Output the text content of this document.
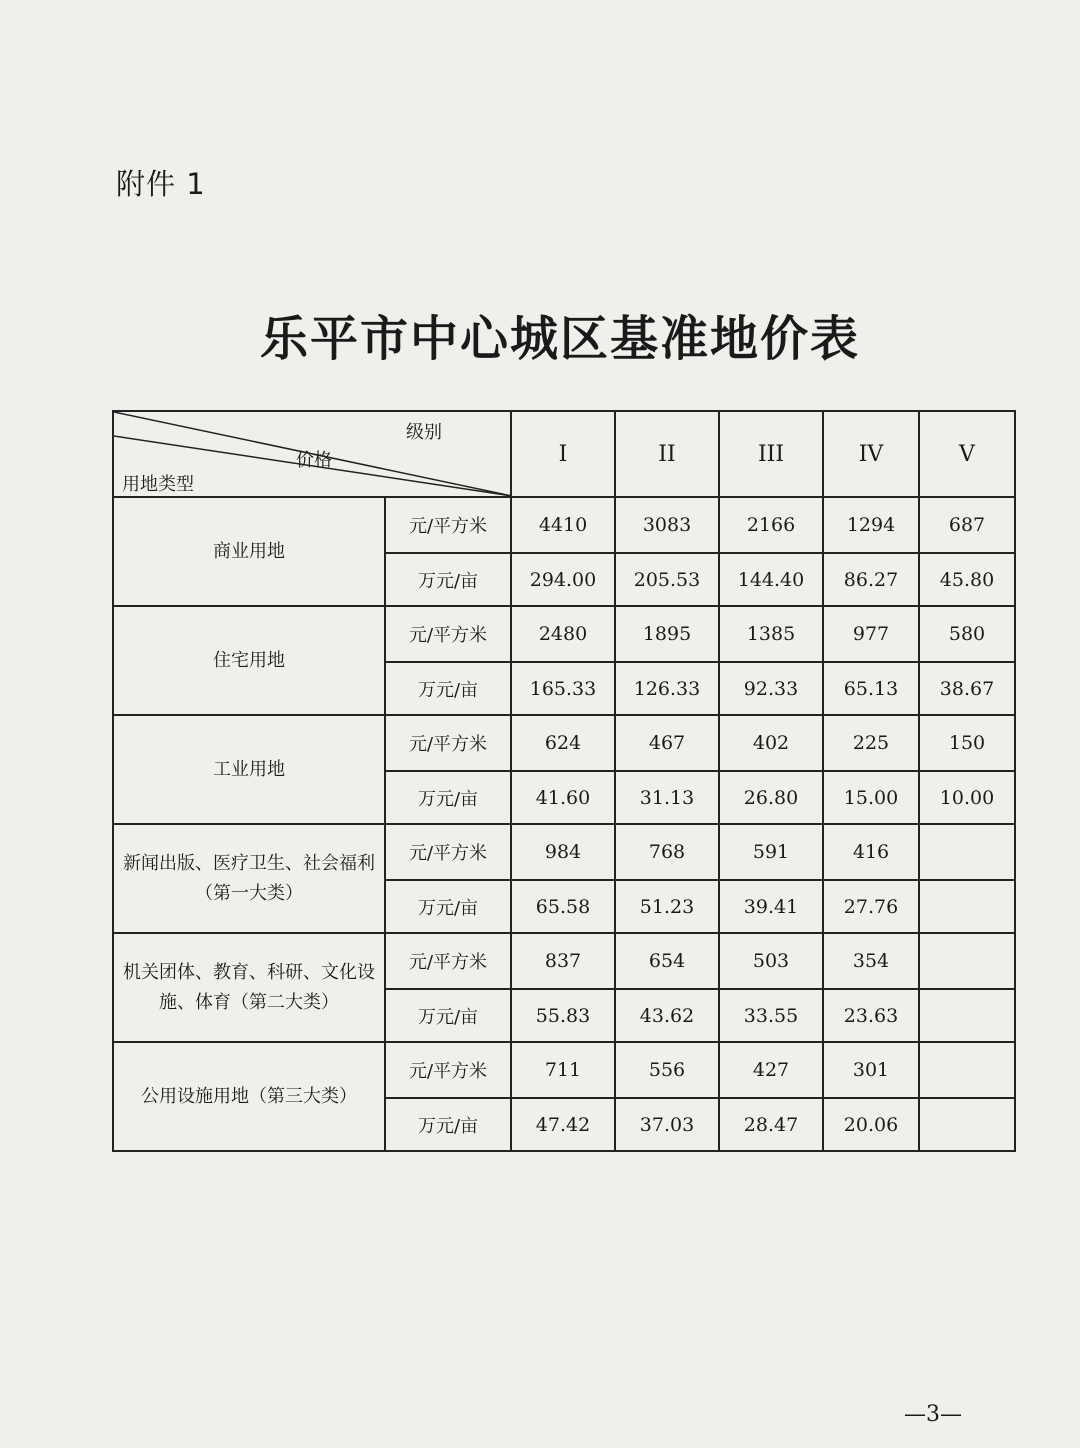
附件 1
乐平市中心城区基准地价表
级别
价格
用地类型		I	II	III	IV	V
商业用地	元/平方米	4410	3083	2166	1294	687
	万元/亩	294.00	205.53	144.40	86.27	45.80
住宅用地	元/平方米	2480	1895	1385	977	580
	万元/亩	165.33	126.33	92.33	65.13	38.67
工业用地	元/平方米	624	467	402	225	150
	万元/亩	41.60	31.13	26.80	15.00	10.00
新闻出版、医疗卫生、社会福利（第一大类）	元/平方米	984	768	591	416	
	万元/亩	65.58	51.23	39.41	27.76	
机关团体、教育、科研、文化设施、体育（第二大类）	元/平方米	837	654	503	354	
	万元/亩	55.83	43.62	33.55	23.63	
公用设施用地（第三大类）	元/平方米	711	556	427	301	
	万元/亩	47.42	37.03	28.47	20.06	
—3—
